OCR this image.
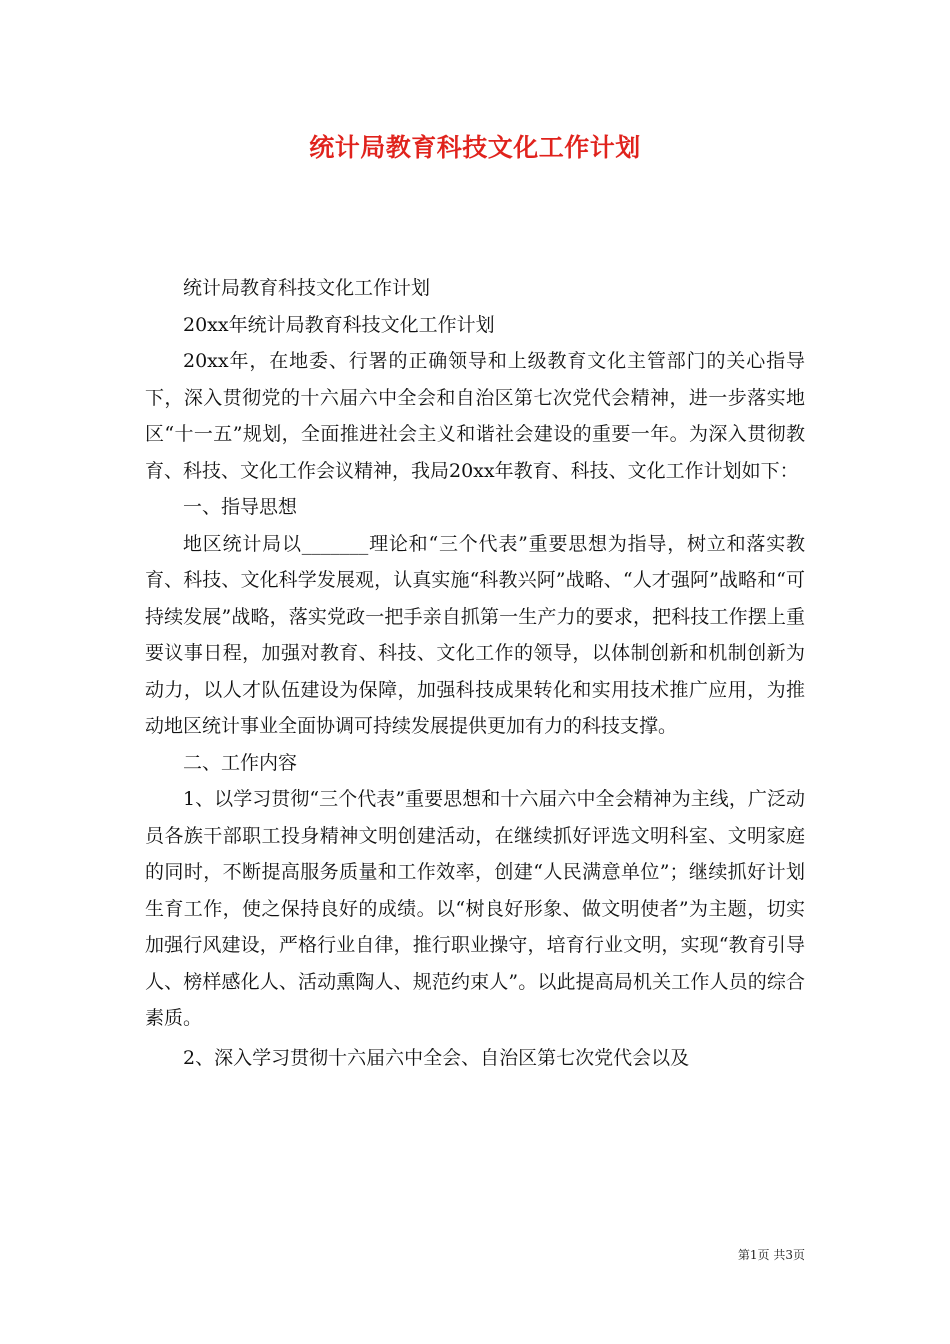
统计局教育科技文化工作计划

统计局教育科技文化工作计划

20xx年统计局教育科技文化工作计划

20xx年，在地委、行署的正确领导和上级教育文化主管部门的关心指导下，深入贯彻党的十六届六中全会和自治区第七次党代会精神，进一步落实地区“十一五”规划，全面推进社会主义和谐社会建设的重要一年。为深入贯彻教育、科技、文化工作会议精神，我局20xx年教育、科技、文化工作计划如下：

一、指导思想

地区统计局以_______理论和“三个代表”重要思想为指导，树立和落实教育、科技、文化科学发展观，认真实施“科教兴阿”战略、“人才强阿”战略和“可持续发展”战略，落实党政一把手亲自抓第一生产力的要求，把科技工作摆上重要议事日程，加强对教育、科技、文化工作的领导，以体制创新和机制创新为动力，以人才队伍建设为保障，加强科技成果转化和实用技术推广应用，为推动地区统计事业全面协调可持续发展提供更加有力的科技支撑。

二、工作内容

1、以学习贯彻“三个代表”重要思想和十六届六中全会精神为主线，广泛动员各族干部职工投身精神文明创建活动，在继续抓好评选文明科室、文明家庭的同时，不断提高服务质量和工作效率，创建“人民满意单位”；继续抓好计划生育工作，使之保持良好的成绩。以“树良好形象、做文明使者”为主题，切实加强行风建设，严格行业自律，推行职业操守，培育行业文明，实现“教育引导人、榜样感化人、活动熏陶人、规范约束人”。以此提高局机关工作人员的综合素质。

2、深入学习贯彻十六届六中全会、自治区第七次党代会以及

第1页 共3页
